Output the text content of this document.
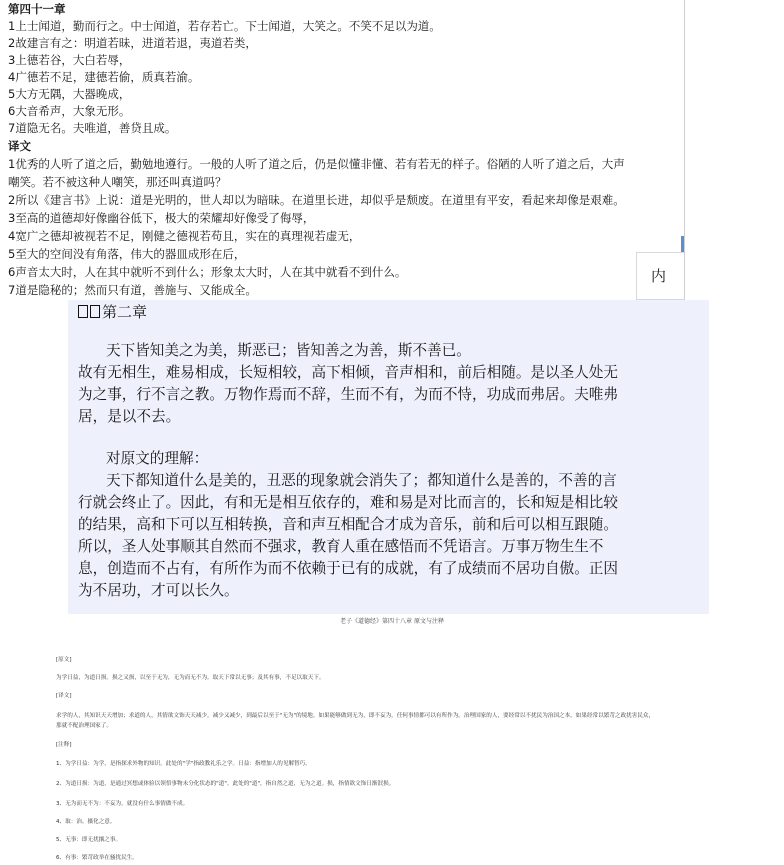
第四十一章
1上士闻道，勤而行之。中士闻道，若存若亡。下士闻道，大笑之。不笑不足以为道。
2故建言有之：明道若昧，进道若退，夷道若类，
3上德若谷，大白若辱，
4广德若不足，建德若偷，质真若渝。
5大方无隅，大器晚成，
6大音希声，大象无形。
7道隐无名。夫唯道，善贷且成。
译文
1优秀的人听了道之后，勤勉地遵行。一般的人听了道之后，仍是似懂非懂、若有若无的样子。俗陋的人听了道之后，大声
嘲笑。若不被这种人嘲笑，那还叫真道吗？
2所以《建言书》上说：道是光明的，世人却以为暗昧。在道里长进，却似乎是颓废。在道里有平安，看起来却像是艰难。
3至高的道德却好像幽谷低下，极大的荣耀却好像受了侮辱，
4宽广之德却被视若不足，刚健之德视若苟且，实在的真理视若虚无，
5至大的空间没有角落，伟大的器皿成形在后，
6声音太大时，人在其中就听不到什么；形象太大时，人在其中就看不到什么。
7道是隐秘的；然而只有道，善施与、又能成全。
内
第二章
天下皆知美之为美，斯恶已；皆知善之为善，斯不善已。
故有无相生，难易相成，长短相较，高下相倾，音声相和，前后相随。是以圣人处无
为之事，行不言之教。万物作焉而不辞，生而不有，为而不恃，功成而弗居。夫唯弗
居，是以不去。
对原文的理解：
天下都知道什么是美的，丑恶的现象就会消失了；都知道什么是善的，不善的言
行就会终止了。因此，有和无是相互依存的，难和易是对比而言的，长和短是相比较
的结果，高和下可以互相转换，音和声互相配合才成为音乐，前和后可以相互跟随。
所以，圣人处事顺其自然而不强求，教育人重在感悟而不凭语言。万事万物生生不
息，创造而不占有，有所作为而不依赖于已有的成就，有了成绩而不居功自傲。正因
为不居功，才可以长久。
老子《道德经》第四十八章 原文与注释
[原文]
为学日益，为道日损。损之又损，以至于无为，无为而无不为。取天下常以无事；及其有事，不足以取天下。
[译文]
求学的人，其知识天天增加；求道的人，其情欲文饰天天减少。减少又减少，到最后以至于"无为"的境地。如果能够做到无为，即不妄为，任何事情都可以有所作为。治理国家的人，要经常以不扰民为治国之本，如果经常以繁苛之政扰害民众，
那就不配治理国家了。
[注释]
1、为学日益：为学，是指探求外物的知识。此处的"学"指政教礼乐之学。日益：指增加人的见解智巧。
2、为道日损：为道，是通过冥想或体验以领悟事物未分化状态的"道"。此处的"道"，指自然之道，无为之道。损，指情欲文饰日渐泯损。
3、无为而无不为：不妄为，就没有什么事情做不成。
4、取：治、摄化之意。
5、无事：即无扰攘之事。
6、有事：繁苛政举在骚扰民生。
